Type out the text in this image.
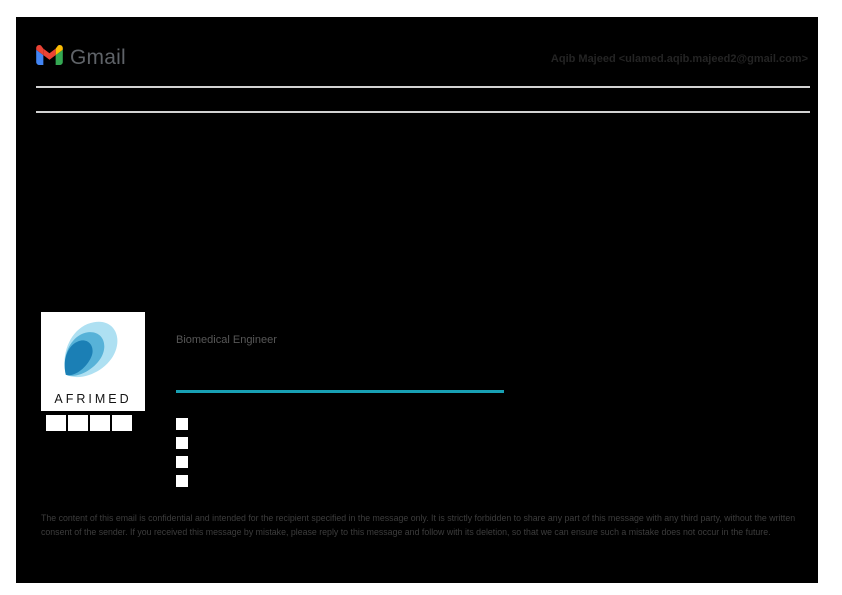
Gmail	Aqib Majeed <ulamed.aqib.majeed2@gmail.com>
AFRIMED
Biomedical Engineer
The content of this email is confidential and intended for the recipient specified in the message only. It is strictly forbidden to share any part of this message with any third party, without the written consent of the sender. If you received this message by mistake, please reply to this message and follow with its deletion, so that we can ensure such a mistake does not occur in the future.
